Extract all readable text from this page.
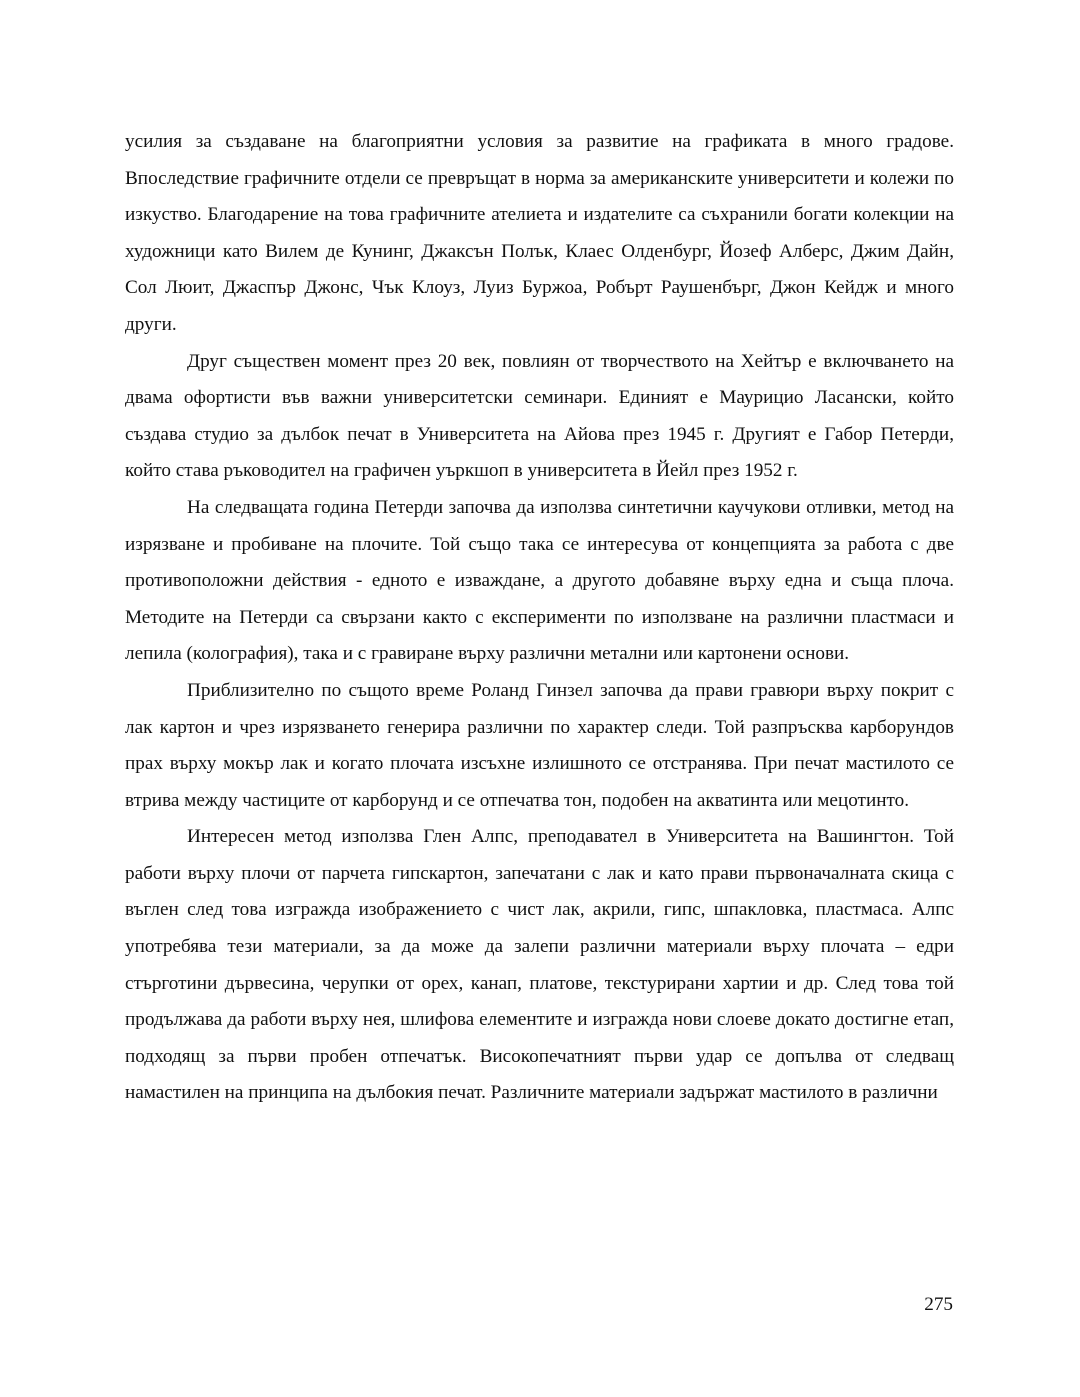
усилия за създаване на благоприятни условия за развитие на графиката в много градове. Впоследствие графичните отдели се превръщат в норма за американските университети и колежи по изкуство. Благодарение на това графичните ателиета и издателите са съхранили богати колекции на художници като Вилем де Кунинг, Джаксън Полък, Клаес Олденбург, Йозеф Алберс, Джим Дайн, Сол Люит, Джаспър Джонс, Чък Клоуз, Луиз Буржоа, Робърт Раушенбърг, Джон Кейдж и много други.

Друг съществен момент през 20 век, повлиян от творчеството на Хейтър е включването на двама офортисти във важни университетски семинари. Единият е Маурицио Ласански, който създава студио за дълбок печат в Университета на Айова през 1945 г. Другият е Габор Петерди, който става ръководител на графичен уъркшоп в университета в Йейл през 1952 г.

На следващата година Петерди започва да използва синтетични каучукови отливки, метод на изрязване и пробиване на плочите. Той също така се интересува от концепцията за работа с две противоположни действия - едното е изваждане, а другото добавяне върху една и съща плоча. Методите на Петерди са свързани както с експерименти по използване на различни пластмаси и лепила (колография), така и с гравиране върху различни метални или картонени основи.

Приблизително по същото време Роланд Гинзел започва да прави гравюри върху покрит с лак картон и чрез изрязването генерира различни по характер следи. Той разпръсква карборундов прах върху мокър лак и когато плочата изсъхне излишното се отстранява. При печат мастилото се втрива между частиците от карборунд и се отпечатва тон, подобен на акватинта или мецотинто.

Интересен метод използва Глен Алпс, преподавател в Университета на Вашингтон. Той работи върху плочи от парчета гипскартон, запечатани с лак и като прави първоначалната скица с въглен след това изгражда изображението с чист лак, акрили, гипс, шпакловка, пластмаса. Алпс употребява тези материали, за да може да залепи различни материали върху плочата – едри стърготини дървесина, черупки от орех, канап, платове, текстурирани хартии и др. След това той продължава да работи върху нея, шлифова елементите и изгражда нови слоеве докато достигне етап, подходящ за първи пробен отпечатък. Високопечатният първи удар се допълва от следващ намастилен на принципа на дълбокия печат. Различните материали задържат мастилото в различни

275
